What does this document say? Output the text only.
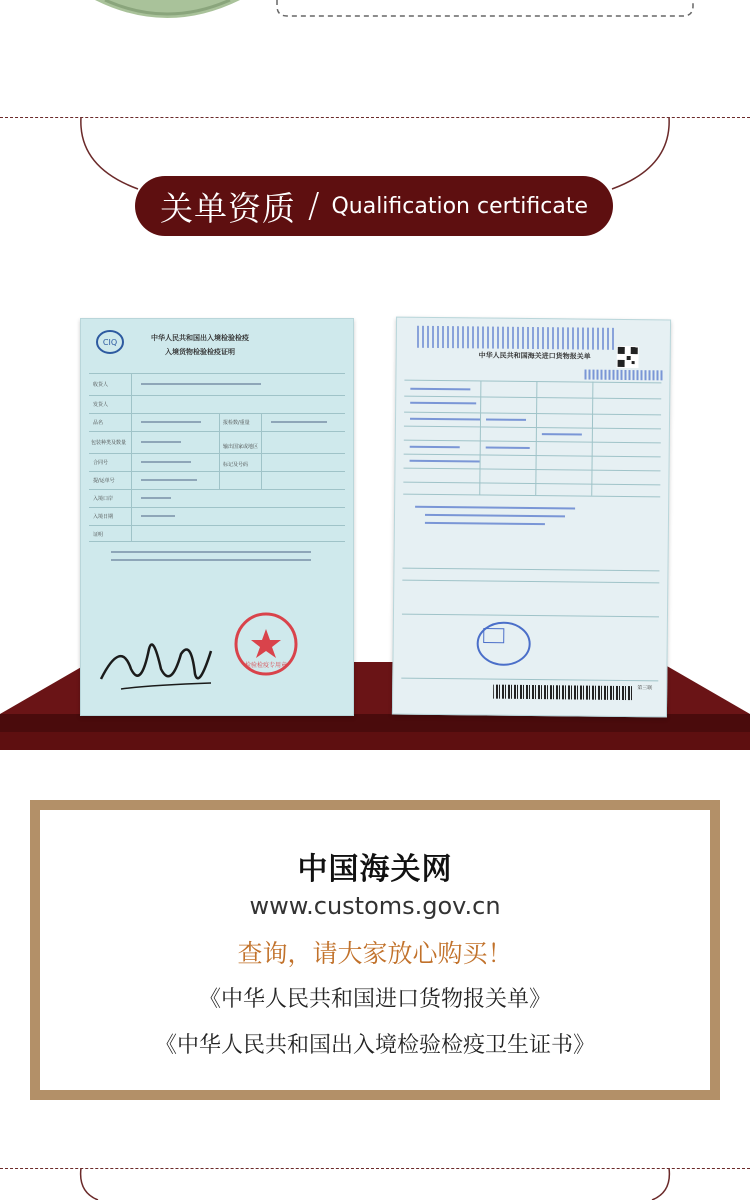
关单资质 / Qualification certificate
CIQ	中华人民共和国出入境检验检疫
入境货物检验检疫证明
收货人
发货人
品名
包装种类及数量
合同号
提/运单号
入境口岸
入境日期
证明
报检数/重量
输出国家或地区
标记及号码
检验检疫专用章
中华人民共和国海关进口货物报关单
第三联
中国海关网
www.customs.gov.cn
查询，请大家放心购买！
《中华人民共和国进口货物报关单》
《中华人民共和国出入境检验检疫卫生证书》
